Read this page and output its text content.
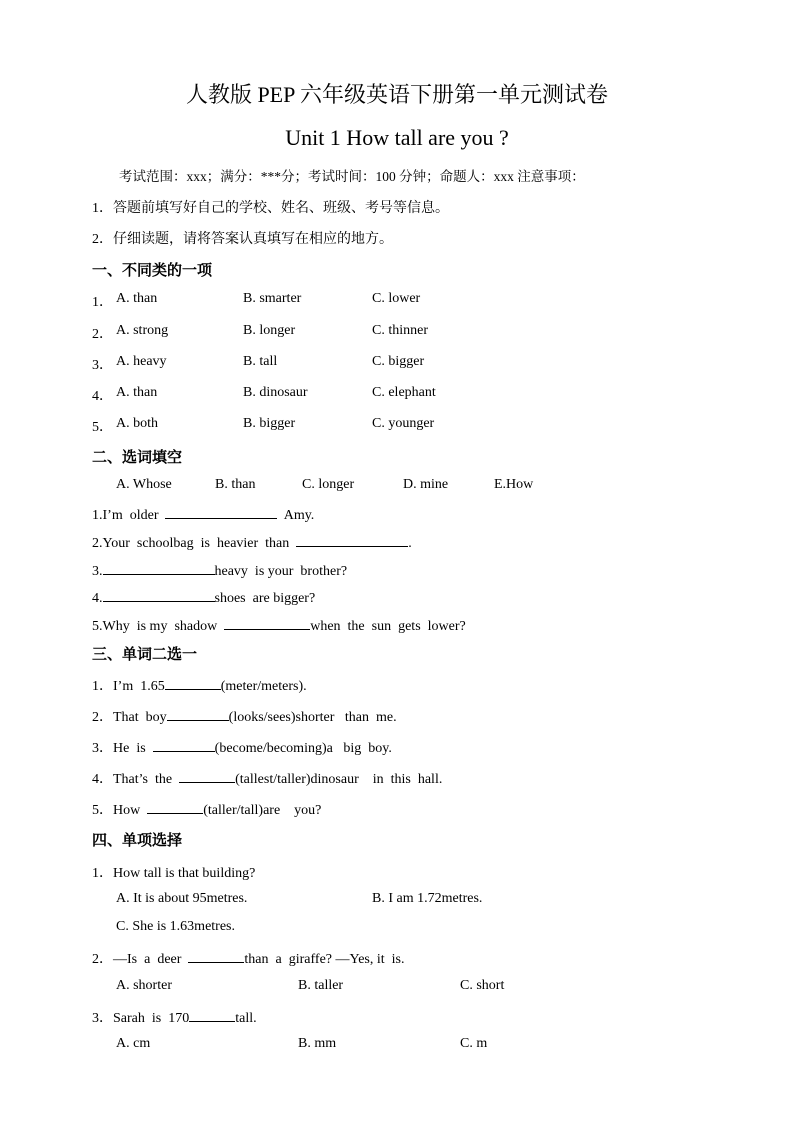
人教版 PEP 六年级英语下册第一单元测试卷
Unit 1 How tall are you ?
考试范围：xxx；满分：***分；考试时间：100 分钟；命题人：xxx 注意事项：
1．答题前填写好自己的学校、姓名、班级、考号等信息。
2．仔细读题，请将答案认真填写在相应的地方。
一、不同类的一项
1． A. than	B. smarter	C. lower
2． A. strong	B. longer	C. thinner
3． A. heavy	B. tall	C. bigger
4． A. than	B. dinosaur	C. elephant
5． A. both	B. bigger	C. younger
二、选词填空
A. Whose	B. than	C. longer	D. mine	E.How
1.I’m  older	Amy.
2.Your  schoolbag  is  heavier  than	.
3.	heavy  is your  brother?
4.	shoes  are bigger?
5.Why  is my  shadow	when  the  sun  gets  lower?
三、单词二选一
1．I’m  1.65	(meter/meters).
2．That  boy	(looks/sees)shorter   than  me.
3．He  is	(become/becoming)a   big  boy.
4．That’s  the	(tallest/taller)dinosaur    in  this  hall.
5．How	(taller/tall)are    you?
四、单项选择
1．How tall is that building?
A. It is about 95metres.	B. I am 1.72metres.
C. She is 1.63metres.
2．—Is  a  deer	than  a  giraffe? —Yes, it  is.
A. shorter	B. taller	C. short
3．Sarah  is  170	tall.
A. cm	B. mm	C. m
